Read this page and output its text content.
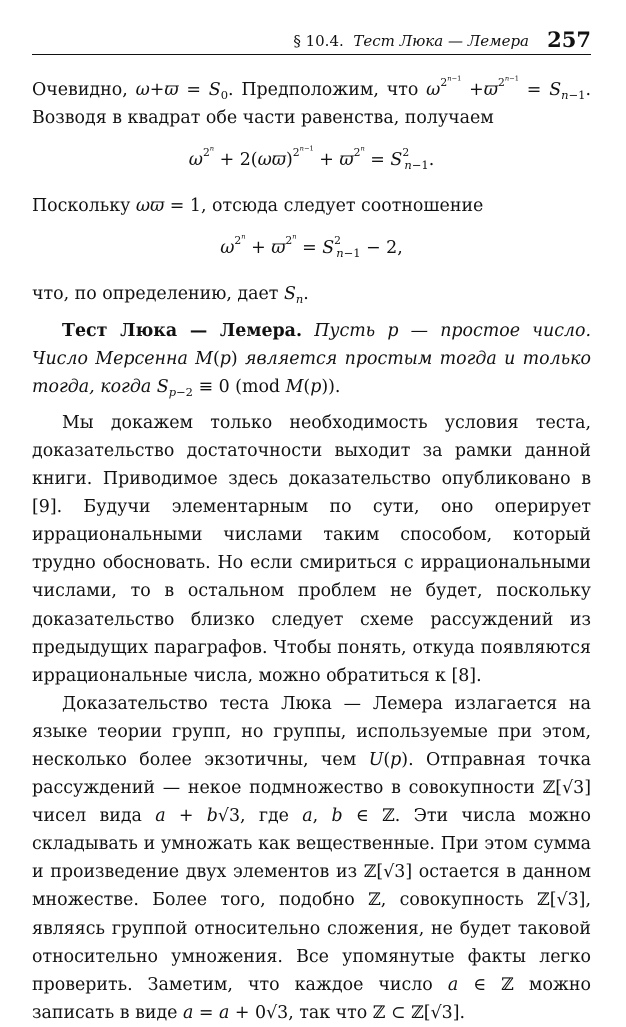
§ 10.4. Тест Люка — Лемера 257

Очевидно, $\omega+ϖ = S_0$. Предположим, что $\omega^{2^{n-1}} +ϖ^{2^{n-1}} = S_{n-1}$. Возводя в квадрат обе части равенства, получаем

$\omega^{2^n} + 2(\omega ϖ)^{2^{n-1}} + ϖ^{2^n} = S^2_{n-1}$.

Поскольку ωϖ = 1, отсюда следует соотношение

$\omega^{2^n} + ϖ^{2^n} = S^2_{n-1} - 2$,

что, по определению, дает $S_n$.

Тест Люка — Лемера. Пусть p — простое число. Число Мерсенна M(p) является простым тогда и только тогда, когда $S_{p-2} \equiv 0$ (mod M(p)).

Мы докажем только необходимость условия теста, доказательство достаточности выходит за рамки данной книги. Приводимое здесь доказательство опубликовано в [9]. Будучи элементарным по сути, оно оперирует иррациональными числами таким способом, который трудно обосновать. Но если смириться с иррациональными числами, то в остальном проблем не будет, поскольку доказательство близко следует схеме рассуждений из предыдущих параграфов. Чтобы понять, откуда появляются иррациональные числа, можно обратиться к [8].

Доказательство теста Люка — Лемера излагается на языке теории групп, но группы, используемые при этом, несколько более экзотичны, чем U(p). Отправная точка рассуждений — некое подмножество в совокупности ℤ[√3] чисел вида a + b√3, где a, b ∈ ℤ. Эти числа можно складывать и умножать как вещественные. При этом сумма и произведение двух элементов из ℤ[√3] остается в данном множестве. Более того, подобно ℤ, совокупность ℤ[√3], являясь группой относительно сложения, не будет таковой относительно умножения. Все упомянутые факты легко проверить. Заметим, что каждое число a ∈ ℤ можно записать в виде a = a + 0√3, так что ℤ ⊂ ℤ[√3].
